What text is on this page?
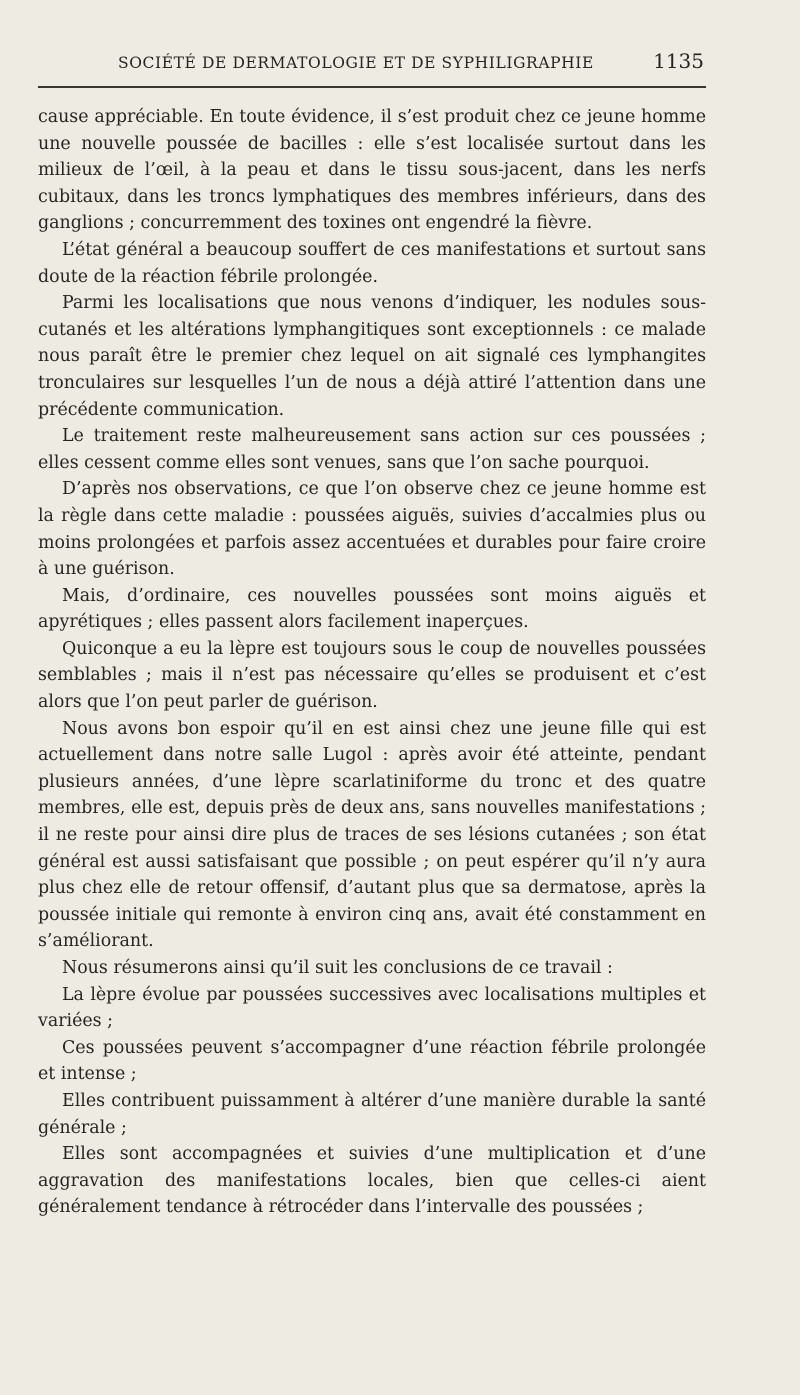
SOCIÉTÉ DE DERMATOLOGIE ET DE SYPHILIGRAPHIE	1135

cause appréciable. En toute évidence, il s’est produit chez ce jeune homme une nouvelle poussée de bacilles : elle s’est localisée surtout dans les milieux de l’œil, à la peau et dans le tissu sous-jacent, dans les nerfs cubitaux, dans les troncs lymphatiques des membres inférieurs, dans des ganglions ; concurremment des toxines ont engendré la fièvre.

L’état général a beaucoup souffert de ces manifestations et surtout sans doute de la réaction fébrile prolongée.

Parmi les localisations que nous venons d’indiquer, les nodules sous-cutanés et les altérations lymphangitiques sont exceptionnels : ce malade nous paraît être le premier chez lequel on ait signalé ces lymphangites tronculaires sur lesquelles l’un de nous a déjà attiré l’attention dans une précédente communication.

Le traitement reste malheureusement sans action sur ces poussées ; elles cessent comme elles sont venues, sans que l’on sache pourquoi.

D’après nos observations, ce que l’on observe chez ce jeune homme est la règle dans cette maladie : poussées aiguës, suivies d’accalmies plus ou moins prolongées et parfois assez accentuées et durables pour faire croire à une guérison.

Mais, d’ordinaire, ces nouvelles poussées sont moins aiguës et apyrétiques ; elles passent alors facilement inaperçues.

Quiconque a eu la lèpre est toujours sous le coup de nouvelles poussées semblables ; mais il n’est pas nécessaire qu’elles se produisent et c’est alors que l’on peut parler de guérison.

Nous avons bon espoir qu’il en est ainsi chez une jeune fille qui est actuellement dans notre salle Lugol : après avoir été atteinte, pendant plusieurs années, d’une lèpre scarlatiniforme du tronc et des quatre membres, elle est, depuis près de deux ans, sans nouvelles manifestations ; il ne reste pour ainsi dire plus de traces de ses lésions cutanées ; son état général est aussi satisfaisant que possible ; on peut espérer qu’il n’y aura plus chez elle de retour offensif, d’autant plus que sa dermatose, après la poussée initiale qui remonte à environ cinq ans, avait été constamment en s’améliorant.

Nous résumerons ainsi qu’il suit les conclusions de ce travail :

La lèpre évolue par poussées successives avec localisations multiples et variées ;

Ces poussées peuvent s’accompagner d’une réaction fébrile prolongée et intense ;

Elles contribuent puissamment à altérer d’une manière durable la santé générale ;

Elles sont accompagnées et suivies d’une multiplication et d’une aggravation des manifestations locales, bien que celles-ci aient généralement tendance à rétrocéder dans l’intervalle des poussées ;
